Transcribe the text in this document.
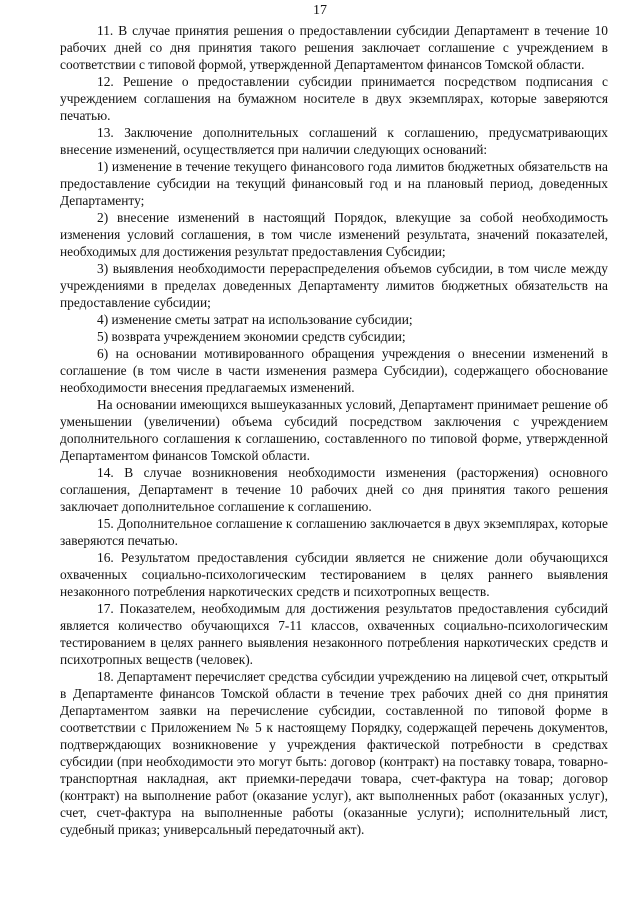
17

11. В случае принятия решения о предоставлении субсидии Департамент в течение 10 рабочих дней со дня принятия такого решения заключает соглашение с учреждением в соответствии с типовой формой, утвержденной Департаментом финансов Томской области.

12. Решение о предоставлении субсидии принимается посредством подписания с учреждением соглашения на бумажном носителе в двух экземплярах, которые заверяются печатью.

13. Заключение дополнительных соглашений к соглашению, предусматривающих внесение изменений, осуществляется при наличии следующих оснований:

1) изменение в течение текущего финансового года лимитов бюджетных обязательств на предоставление субсидии на текущий финансовый год и на плановый период, доведенных Департаменту;

2) внесение изменений в настоящий Порядок, влекущие за собой необходимость изменения условий соглашения, в том числе изменений результата, значений показателей, необходимых для достижения результат предоставления Субсидии;

3) выявления необходимости перераспределения объемов субсидии, в том числе между учреждениями в пределах доведенных Департаменту лимитов бюджетных обязательств на предоставление субсидии;

4) изменение сметы затрат на использование субсидии;

5) возврата учреждением экономии средств субсидии;

6) на основании мотивированного обращения учреждения о внесении изменений в соглашение (в том числе в части изменения размера Субсидии), содержащего обоснование необходимости внесения предлагаемых изменений.

На основании имеющихся вышеуказанных условий, Департамент принимает решение об уменьшении (увеличении) объема субсидий посредством заключения с учреждением дополнительного соглашения к соглашению, составленного по типовой форме, утвержденной Департаментом финансов Томской области.

14. В случае возникновения необходимости изменения (расторжения) основного соглашения, Департамент в течение 10 рабочих дней со дня принятия такого решения заключает дополнительное соглашение к соглашению.

15. Дополнительное соглашение к соглашению заключается в двух экземплярах, которые заверяются печатью.

16. Результатом предоставления субсидии является не снижение доли обучающихся охваченных социально-психологическим тестированием в целях раннего выявления незаконного потребления наркотических средств и психотропных веществ.

17. Показателем, необходимым для достижения результатов предоставления субсидий является количество обучающихся 7-11 классов, охваченных социально-психологическим тестированием в целях раннего выявления незаконного потребления наркотических средств и психотропных веществ (человек).

18. Департамент перечисляет средства субсидии учреждению на лицевой счет, открытый в Департаменте финансов Томской области в течение трех рабочих дней со дня принятия Департаментом заявки на перечисление субсидии, составленной по типовой форме в соответствии с Приложением № 5 к настоящему Порядку, содержащей перечень документов, подтверждающих возникновение у учреждения фактической потребности в средствах субсидии (при необходимости это могут быть: договор (контракт) на поставку товара, товарно-транспортная накладная, акт приемки-передачи товара, счет-фактура на товар; договор (контракт) на выполнение работ (оказание услуг), акт выполненных работ (оказанных услуг), счет, счет-фактура на выполненные работы (оказанные услуги); исполнительный лист, судебный приказ; универсальный передаточный акт).
